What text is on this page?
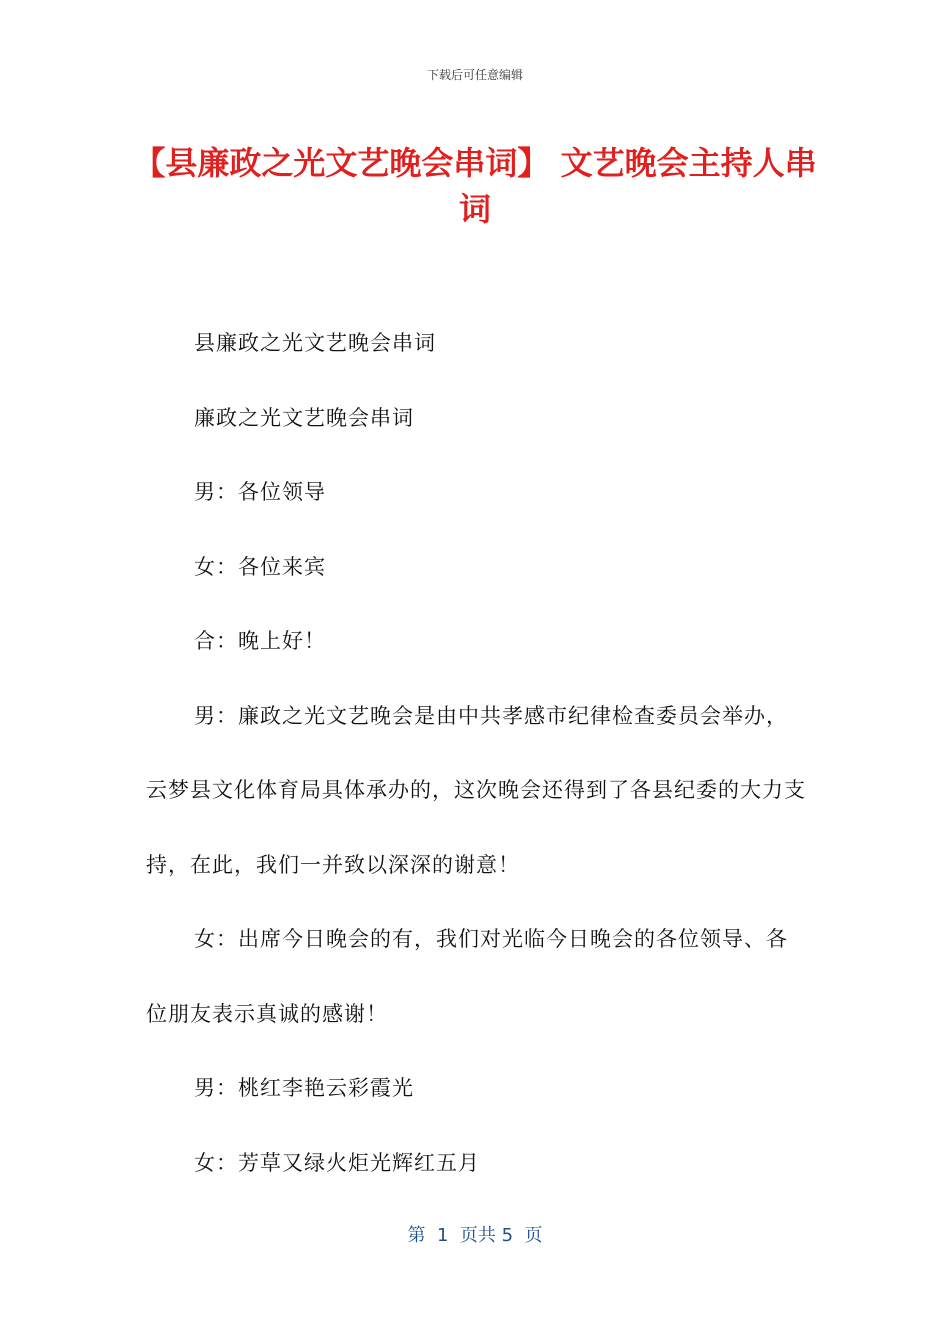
下载后可任意编辑
【县廉政之光文艺晚会串词】 文艺晚会主持人串词

县廉政之光文艺晚会串词

廉政之光文艺晚会串词

男：各位领导

女：各位来宾

合：晚上好！

男：廉政之光文艺晚会是由中共孝感市纪律检查委员会举办，云梦县文化体育局具体承办的，这次晚会还得到了各县纪委的大力支持，在此，我们一并致以深深的谢意！

女：出席今日晚会的有，我们对光临今日晚会的各位领导、各位朋友表示真诚的感谢！

男：桃红李艳云彩霞光

女：芳草又绿火炬光辉红五月

第  1  页共 5  页
